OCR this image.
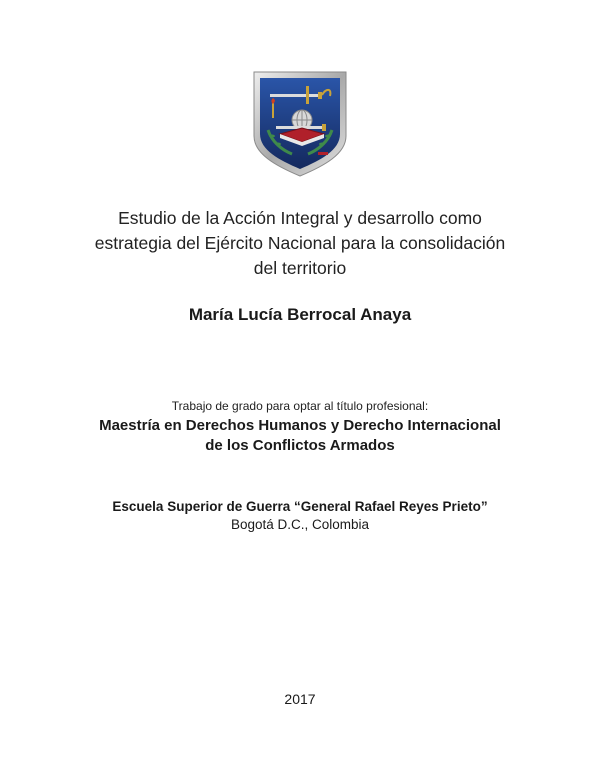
Estudio de la Acción Integral y desarrollo como
estrategia del Ejército Nacional para la consolidación
del territorio
María Lucía Berrocal Anaya
Trabajo de grado para optar al título profesional:
Maestría en Derechos Humanos y Derecho Internacional
de los Conflictos Armados
Escuela Superior de Guerra “General Rafael Reyes Prieto”
Bogotá D.C., Colombia
2017
